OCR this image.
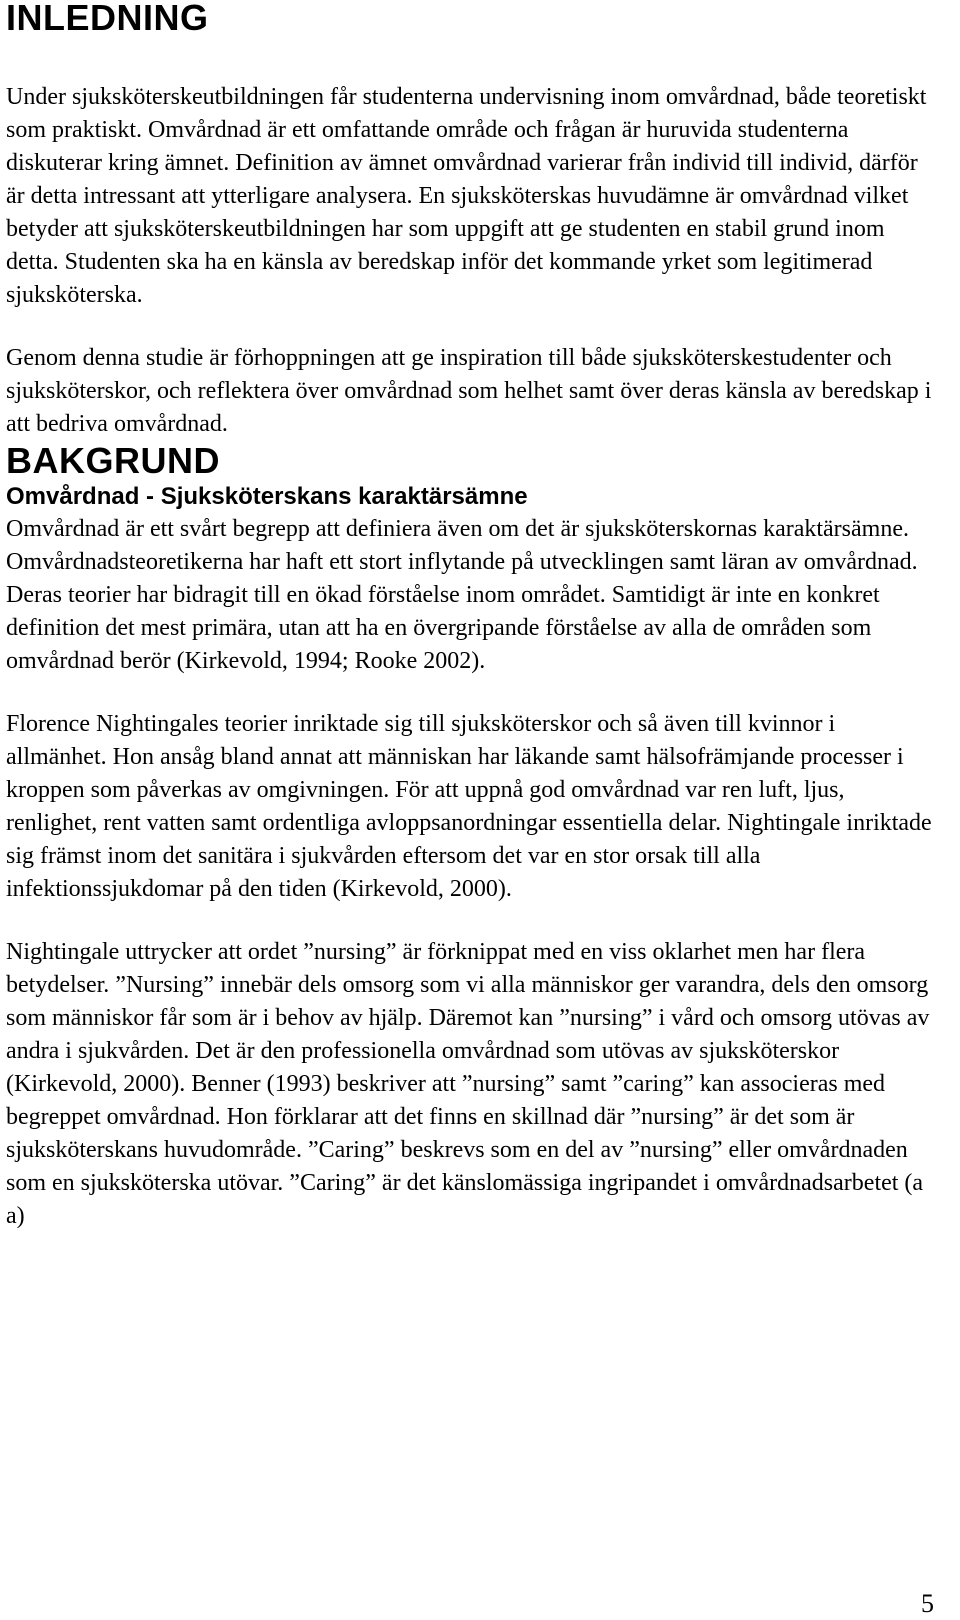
INLEDNING

Under sjuksköterskeutbildningen får studenterna undervisning inom omvårdnad, både teoretiskt som praktiskt. Omvårdnad är ett omfattande område och frågan är huruvida studenterna diskuterar kring ämnet. Definition av ämnet omvårdnad varierar från individ till individ, därför är detta intressant att ytterligare analysera. En sjuksköterskas huvudämne är omvårdnad vilket betyder att sjuksköterskeutbildningen har som uppgift att ge studenten en stabil grund inom detta. Studenten ska ha en känsla av beredskap inför det kommande yrket som legitimerad sjuksköterska.

Genom denna studie är förhoppningen att ge inspiration till både sjuksköterskestudenter och sjuksköterskor, och reflektera över omvårdnad som helhet samt över deras känsla av beredskap i att bedriva omvårdnad.

BAKGRUND
Omvårdnad - Sjuksköterskans karaktärsämne

Omvårdnad är ett svårt begrepp att definiera även om det är sjuksköterskornas karaktärsämne. Omvårdnadsteoretikerna har haft ett stort inflytande på utvecklingen samt läran av omvårdnad. Deras teorier har bidragit till en ökad förståelse inom området. Samtidigt är inte en konkret definition det mest primära, utan att ha en övergripande förståelse av alla de områden som omvårdnad berör (Kirkevold, 1994; Rooke 2002).

Florence Nightingales teorier inriktade sig till sjuksköterskor och så även till kvinnor i allmänhet. Hon ansåg bland annat att människan har läkande samt hälsofrämjande processer i kroppen som påverkas av omgivningen. För att uppnå god omvårdnad var ren luft, ljus, renlighet, rent vatten samt ordentliga avloppsanordningar essentiella delar. Nightingale inriktade sig främst inom det sanitära i sjukvården eftersom det var en stor orsak till alla infektionssjukdomar på den tiden (Kirkevold, 2000).

Nightingale uttrycker att ordet ”nursing” är förknippat med en viss oklarhet men har flera betydelser. ”Nursing” innebär dels omsorg som vi alla människor ger varandra, dels den omsorg som människor får som är i behov av hjälp. Däremot kan ”nursing” i vård och omsorg utövas av andra i sjukvården. Det är den professionella omvårdnad som utövas av sjuksköterskor (Kirkevold, 2000). Benner (1993) beskriver att ”nursing” samt ”caring” kan associeras med begreppet omvårdnad. Hon förklarar att det finns en skillnad där ”nursing” är det som är sjuksköterskans huvudområde. ”Caring” beskrevs som en del av ”nursing” eller omvårdnaden som en sjuksköterska utövar. ”Caring” är det känslomässiga ingripandet i omvårdnadsarbetet (a a)

5
